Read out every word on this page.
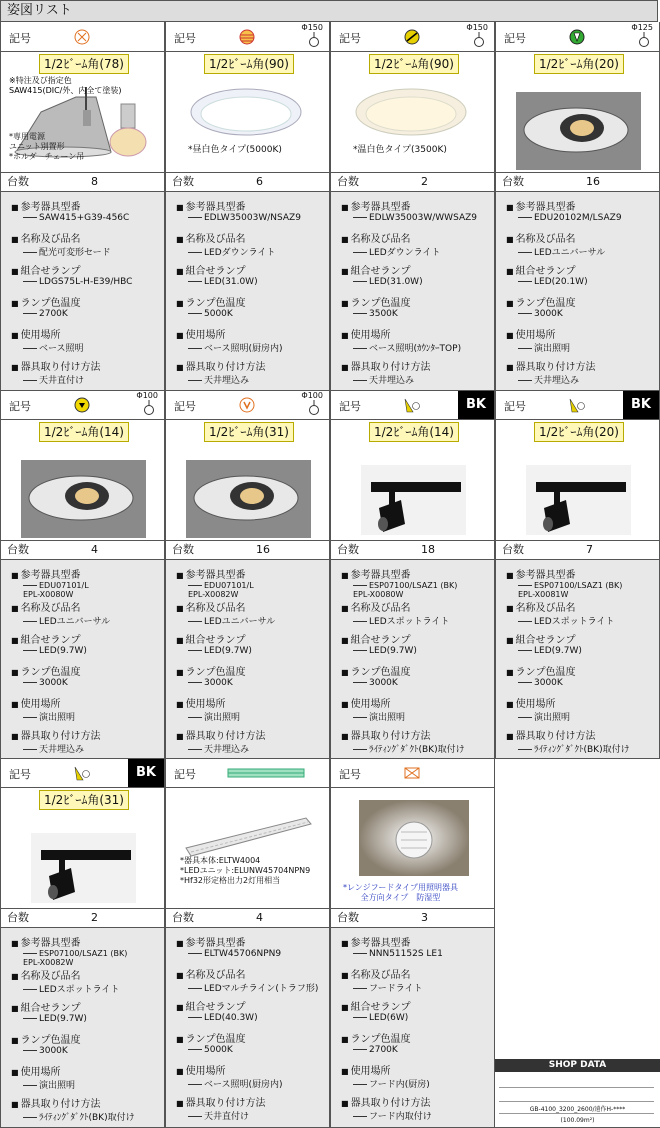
姿図リスト
記号
1/2ﾋﾞｰﾑ角(78)
※特注及び指定色
SAW415(DIC/外、内全て塗装)
*専用電源
ユニット別置形
*ホルダ　チェーン吊
台数	8
■ 参考器具型番
SAW415+G39-456C
■ 名称及び品名
配光可変形セード
■ 組合せランプ
LDGS75L-H-E39/HBC
■ ランプ色温度
2700K
■ 使用場所
ベース照明
■ 器具取り付け方法
天井直付け
記号
Φ150
1/2ﾋﾞｰﾑ角(90)
*昼白色タイプ(5000K)
台数	6
■ 参考器具型番
EDLW35003W/NSAZ9
■ 名称及び品名
LEDダウンライト
■ 組合せランプ
LED(31.0W)
■ ランプ色温度
5000K
■ 使用場所
ベース照明(厨房内)
■ 器具取り付け方法
天井埋込み
記号
Φ150
1/2ﾋﾞｰﾑ角(90)
*温白色タイプ(3500K)
台数	2
■ 参考器具型番
EDLW35003W/WWSAZ9
■ 名称及び品名
LEDダウンライト
■ 組合せランプ
LED(31.0W)
■ ランプ色温度
3500K
■ 使用場所
ベース照明(ｶｳﾝﾀｰTOP)
■ 器具取り付け方法
天井埋込み
記号
Φ125
1/2ﾋﾞｰﾑ角(20)
台数	16
■ 参考器具型番
EDU20102M/LSAZ9
■ 名称及び品名
LEDユニバーサル
■ 組合せランプ
LED(20.1W)
■ ランプ色温度
3000K
■ 使用場所
演出照明
■ 器具取り付け方法
天井埋込み
記号
Φ100
1/2ﾋﾞｰﾑ角(14)
台数	4
■ 参考器具型番
EDU07101/L
EPL-X0080W
■ 名称及び品名
LEDユニバーサル
■ 組合せランプ
LED(9.7W)
■ ランプ色温度
3000K
■ 使用場所
演出照明
■ 器具取り付け方法
天井埋込み
記号
Φ100
1/2ﾋﾞｰﾑ角(31)
台数	16
■ 参考器具型番
EDU07101/L
EPL-X0082W
■ 名称及び品名
LEDユニバーサル
■ 組合せランプ
LED(9.7W)
■ ランプ色温度
3000K
■ 使用場所
演出照明
■ 器具取り付け方法
天井埋込み
記号	BK
1/2ﾋﾞｰﾑ角(14)
台数	18
■ 参考器具型番
ESP07100/LSAZ1 (BK)
EPL-X0080W
■ 名称及び品名
LEDスポットライト
■ 組合せランプ
LED(9.7W)
■ ランプ色温度
3000K
■ 使用場所
演出照明
■ 器具取り付け方法
ﾗｲﾃｨﾝｸﾞﾀﾞｸﾄ(BK)取付け
記号	BK
1/2ﾋﾞｰﾑ角(20)
台数	7
■ 参考器具型番
ESP07100/LSAZ1 (BK)
EPL-X0081W
■ 名称及び品名
LEDスポットライト
■ 組合せランプ
LED(9.7W)
■ ランプ色温度
3000K
■ 使用場所
演出照明
■ 器具取り付け方法
ﾗｲﾃｨﾝｸﾞﾀﾞｸﾄ(BK)取付け
記号	BK
1/2ﾋﾞｰﾑ角(31)
台数	2
■ 参考器具型番
ESP07100/LSAZ1 (BK)
EPL-X0082W
■ 名称及び品名
LEDスポットライト
■ 組合せランプ
LED(9.7W)
■ ランプ色温度
3000K
■ 使用場所
演出照明
■ 器具取り付け方法
ﾗｲﾃｨﾝｸﾞﾀﾞｸﾄ(BK)取付け
記号
*器具本体:ELTW4004
*LEDユニット:ELUNW45704NPN9
*Hf32形定格出力2灯用相当
台数	4
■ 参考器具型番
ELTW45706NPN9
■ 名称及び品名
LEDマルチライン(トラフ形)
■ 組合せランプ
LED(40.3W)
■ ランプ色温度
5000K
■ 使用場所
ベース照明(厨房内)
■ 器具取り付け方法
天井直付け
記号
*レンジフードタイプ用照明器具
全方向タイプ　防湿型
台数	3
■ 参考器具型番
NNN51152S LE1
■ 名称及び品名
フードライト
■ 組合せランプ
LED(6W)
■ ランプ色温度
2700K
■ 使用場所
フード内(厨房)
■ 器具取り付け方法
フード内取付け
SHOP DATA
GB-4100_3200_2600/遠作H-****
(100.09m²)
